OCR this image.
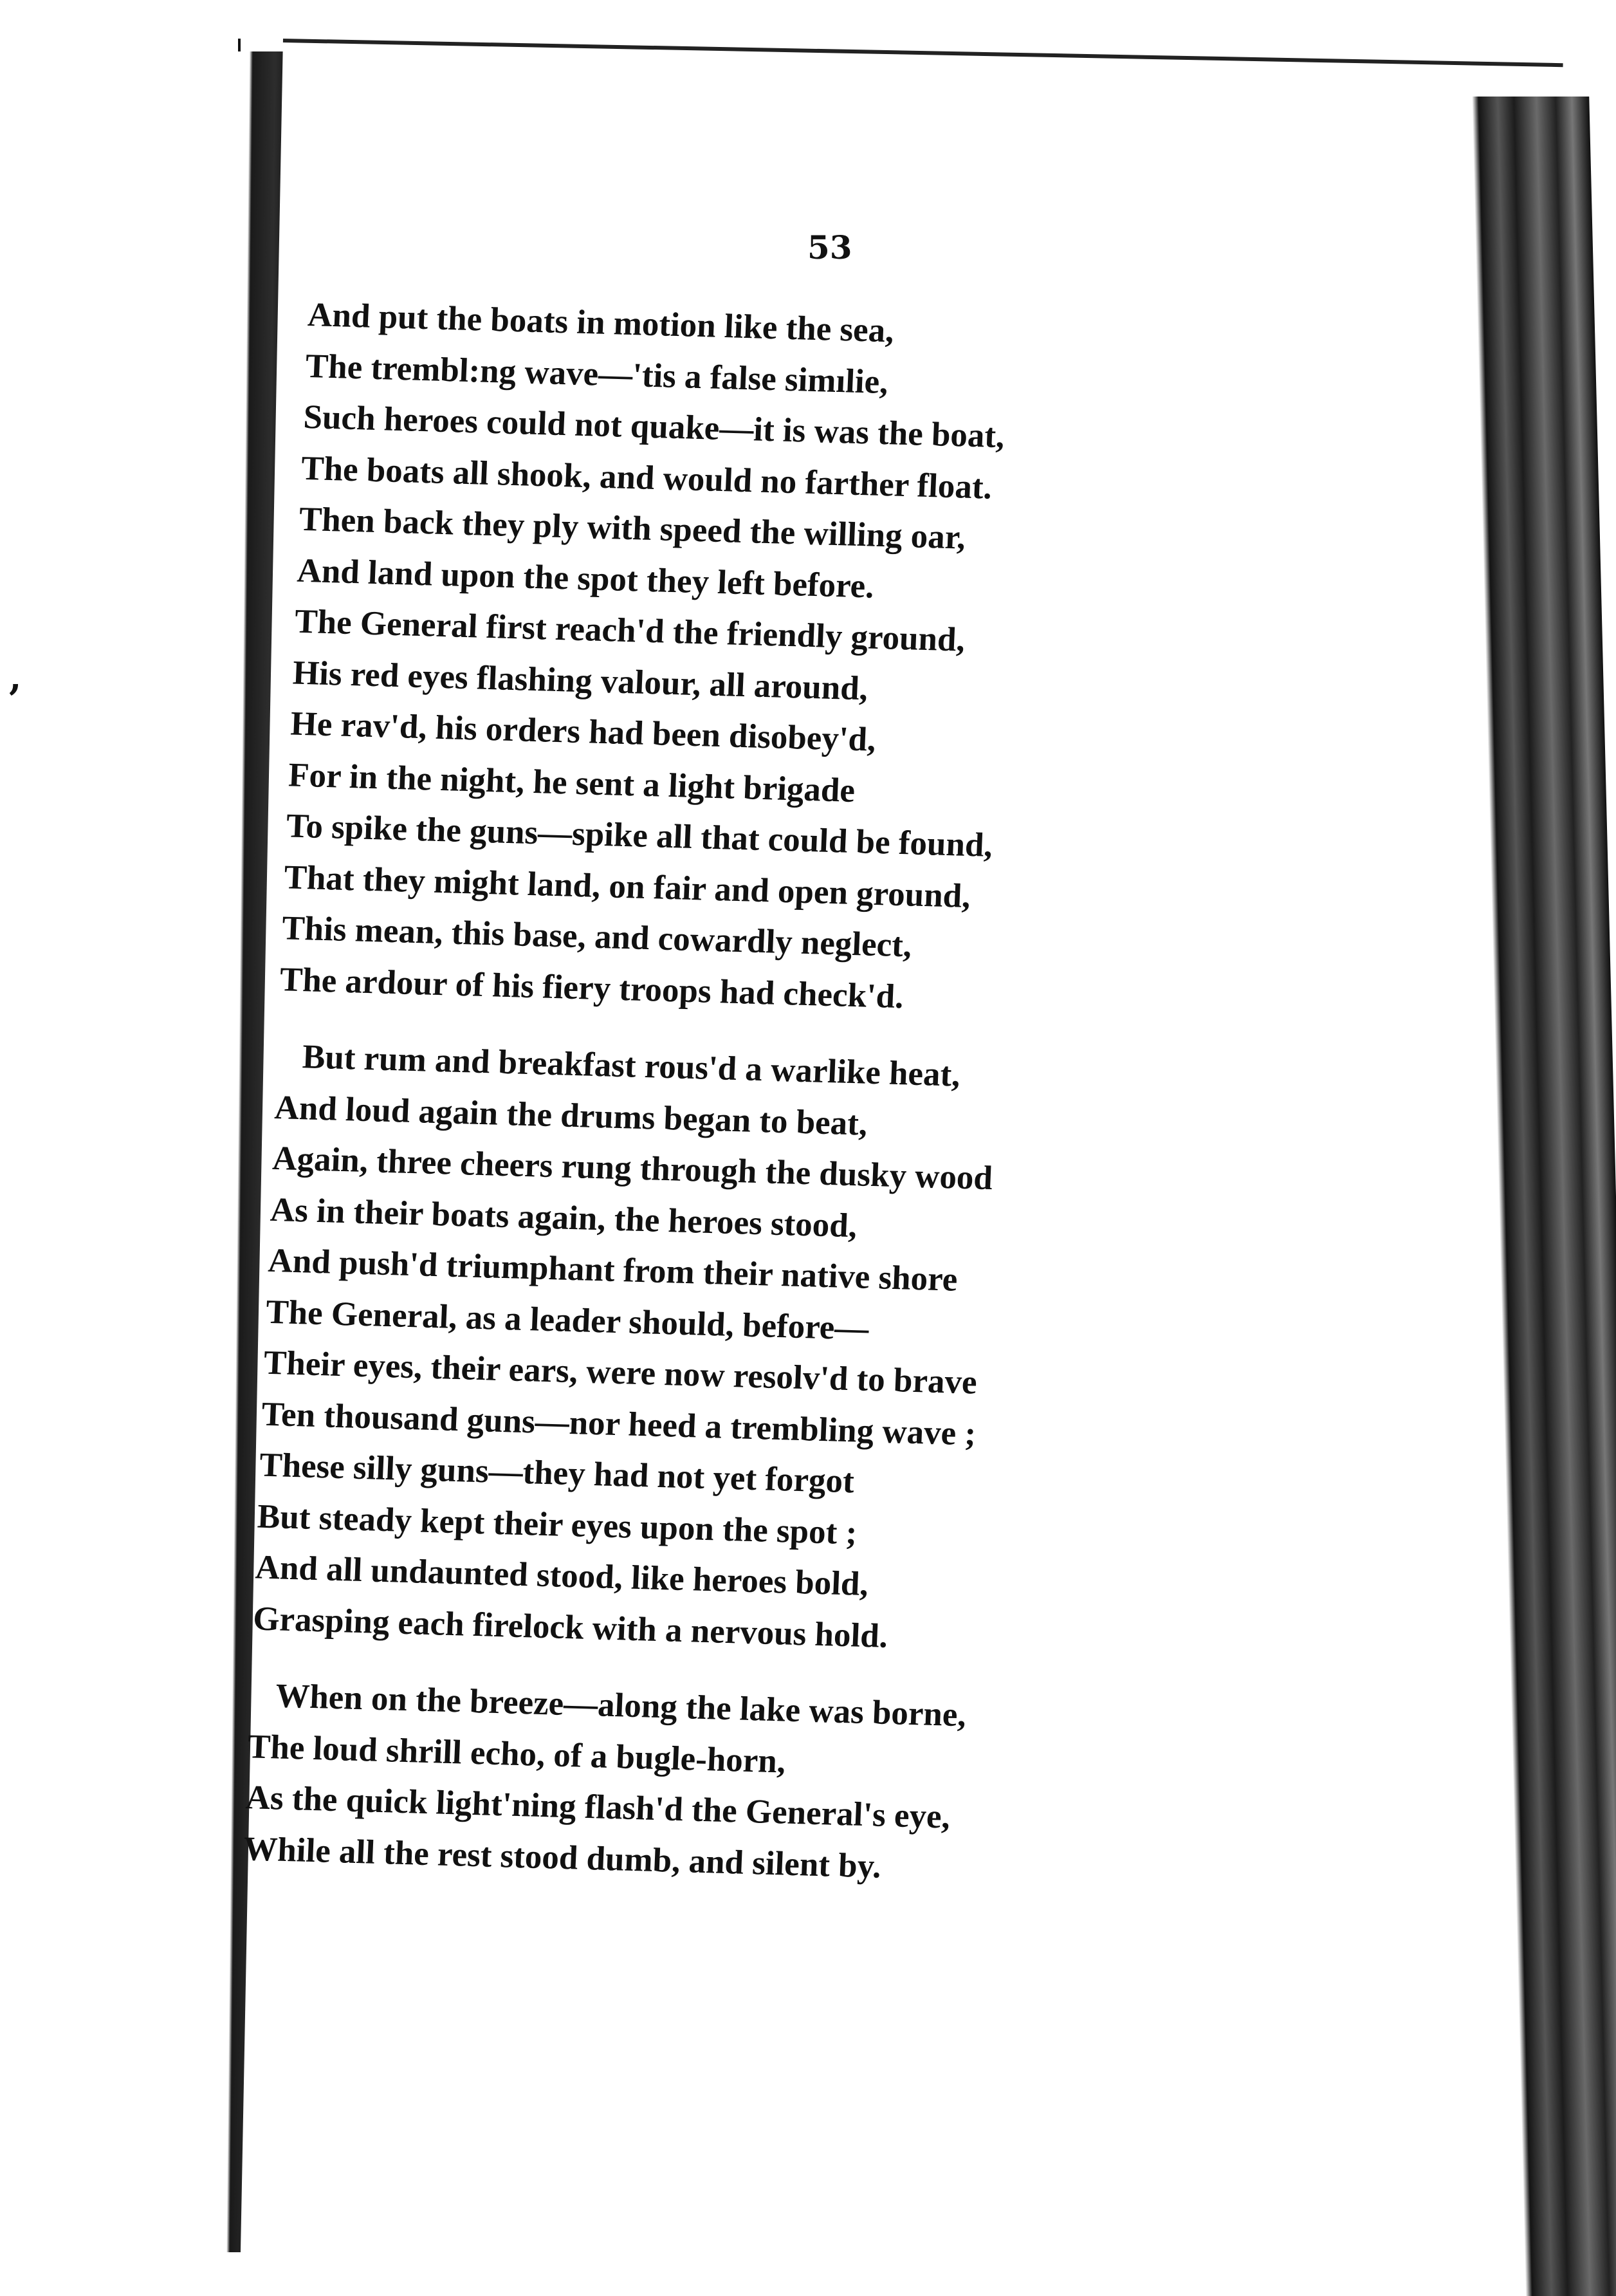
,
53
And put the boats in motion like the sea,
The trembl:ng wave—'tis a false simılie,
Such heroes could not quake—it is was the boat,
The boats all shook, and would no farther float.
Then back they ply with speed the willing oar,
And land upon the spot they left before.
The General first reach'd the friendly ground,
His red eyes flashing valour, all around,
He rav'd, his orders had been disobey'd,
For in the night, he sent a light brigade
To spike the guns—spike all that could be found,
That they might land, on fair and open ground,
This mean, this base, and cowardly neglect,
The ardour of his fiery troops had check'd.
But rum and breakfast rous'd a warlike heat,
And loud again the drums began to beat,
Again, three cheers rung through the dusky wood
As in their boats again, the heroes stood,
And push'd triumphant from their native shore
The General, as a leader should, before—
Their eyes, their ears, were now resolv'd to brave
Ten thousand guns—nor heed a trembling wave ;
These silly guns—they had not yet forgot
But steady kept their eyes upon the spot ;
And all undaunted stood, like heroes bold,
Grasping each firelock with a nervous hold.
When on the breeze—along the lake was borne,
The loud shrill echo, of a bugle-horn,
As the quick light'ning flash'd the General's eye,
While all the rest stood dumb, and silent by.
